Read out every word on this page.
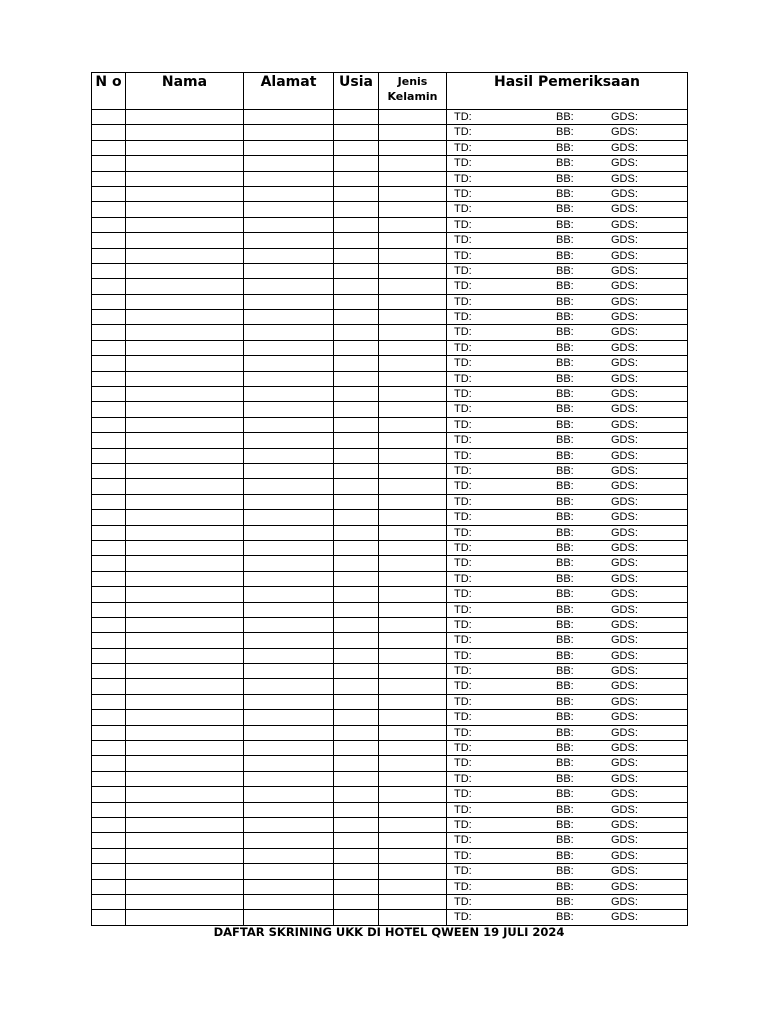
N o	Nama	Alamat	Usia	Jenis Kelamin	Hasil Pemeriksaan

					TD: BB: GDS:

					TD: BB: GDS:

					TD: BB: GDS:

					TD: BB: GDS:

					TD: BB: GDS:

					TD: BB: GDS:

					TD: BB: GDS:

					TD: BB: GDS:

					TD: BB: GDS:

					TD: BB: GDS:

					TD: BB: GDS:

					TD: BB: GDS:

					TD: BB: GDS:

					TD: BB: GDS:

					TD: BB: GDS:

					TD: BB: GDS:

					TD: BB: GDS:

					TD: BB: GDS:

					TD: BB: GDS:

					TD: BB: GDS:

					TD: BB: GDS:

					TD: BB: GDS:

					TD: BB: GDS:

					TD: BB: GDS:

					TD: BB: GDS:

					TD: BB: GDS:

					TD: BB: GDS:

					TD: BB: GDS:

					TD: BB: GDS:

					TD: BB: GDS:

					TD: BB: GDS:

					TD: BB: GDS:

					TD: BB: GDS:

					TD: BB: GDS:

					TD: BB: GDS:

					TD: BB: GDS:

					TD: BB: GDS:

					TD: BB: GDS:

					TD: BB: GDS:

					TD: BB: GDS:

					TD: BB: GDS:

					TD: BB: GDS:

					TD: BB: GDS:

					TD: BB: GDS:

					TD: BB: GDS:

					TD: BB: GDS:

					TD: BB: GDS:

					TD: BB: GDS:

					TD: BB: GDS:

					TD: BB: GDS:

					TD: BB: GDS:

					TD: BB: GDS:

					TD: BB: GDS:
DAFTAR SKRINING UKK DI HOTEL QWEEN 19 JULI 2024
